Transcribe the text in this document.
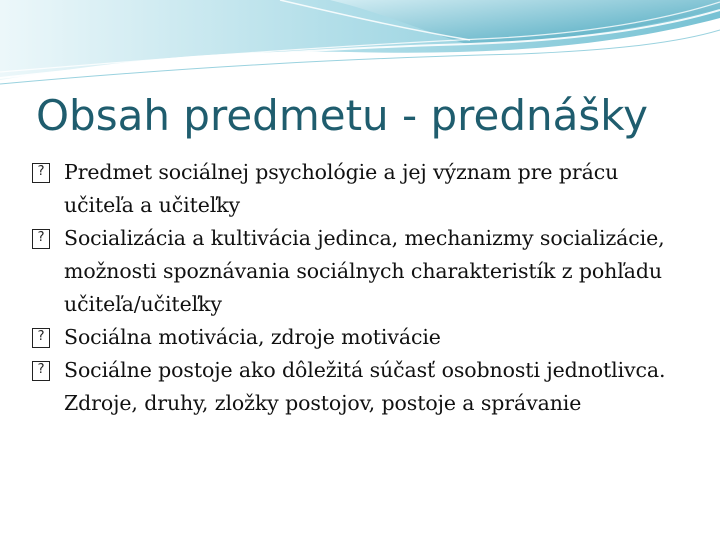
Obsah predmetu - prednášky
?
Predmet sociálnej psychológie a jej význam pre prácu učiteľa a učiteľky
?
Socializácia a kultivácia jedinca, mechanizmy socializácie, možnosti spoznávania sociálnych charakteristík z pohľadu učiteľa/učiteľky
?
Sociálna motivácia, zdroje motivácie
?
Sociálne postoje ako dôležitá súčasť osobnosti jednotlivca. Zdroje, druhy, zložky postojov, postoje a správanie
